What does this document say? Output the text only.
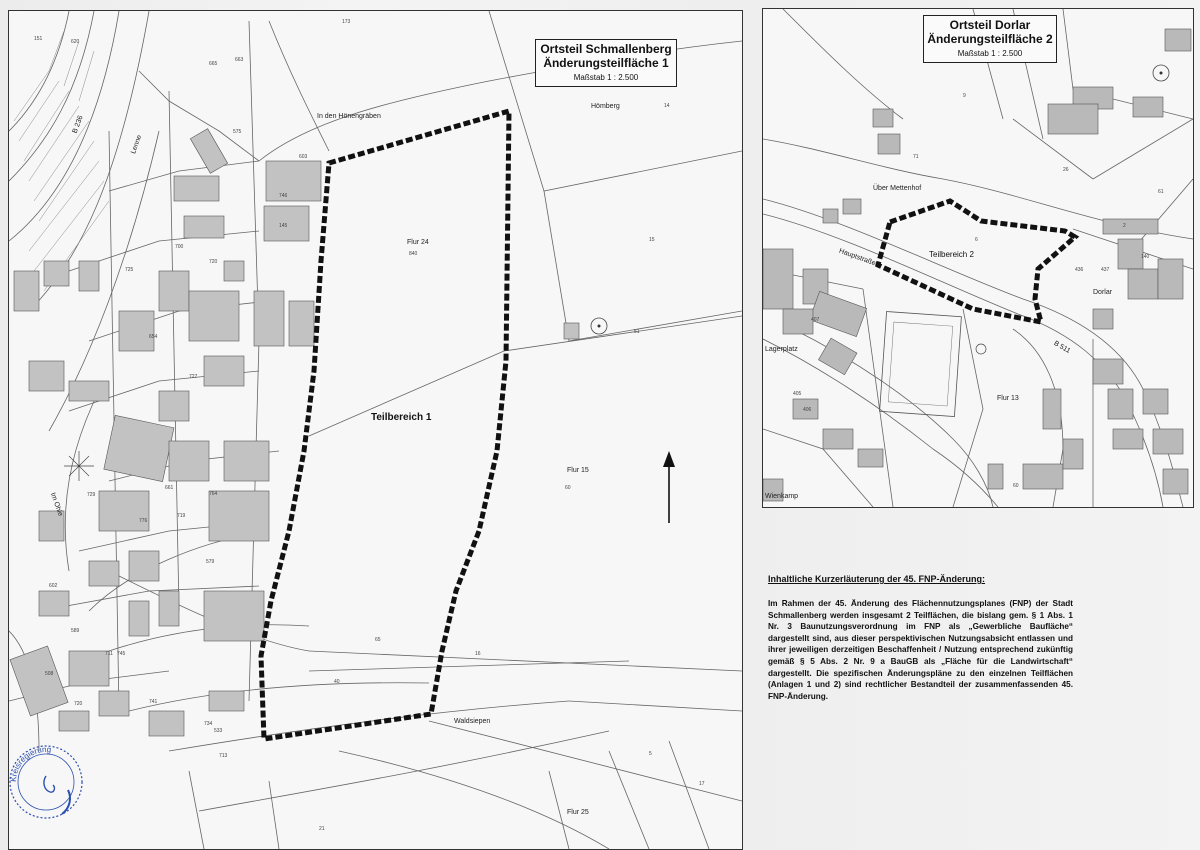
Ortsteil Schmallenberg
Änderungsteilfläche 1
Maßstab 1 : 2.500
Teilbereich 1
In den Hönengräben
Hömberg
Flur 24
Flur 15
Flur 25
Waldsiepen
Lenne
B 236
Im Ohle
173
151	620
665
663
575
603
746
145
840
700
725
720
654
727
661
776
729	764
719
602
589
579
508
711
720
734
741
533
745
713
14
60
15
16
65
40
5
51
17
21
Ortsteil Dorlar
Änderungsteilfläche 2
Maßstab 1 : 2.500
Teilbereich 2
Über Mettenhof
Dorlar
Lagerplatz
Flur 13
Wienkamp
Hauptstraße
B 511
9
26
71
61
6
436	437
2
140
407
60
405
406
Inhaltliche Kurzerläuterung der 45. FNP-Änderung:

Im Rahmen der 45. Änderung des Flächennutzungsplanes (FNP) der Stadt Schmallenberg werden insgesamt 2 Teilflächen, die bislang gem. § 1 Abs. 1 Nr. 3 Baunutzungsverordnung im FNP als „Gewerbliche Baufläche“ dargestellt sind, aus dieser perspektivischen Nutzungsabsicht entlassen und ihrer jeweiligen derzeitigen Beschaffenheit / Nutzung entsprechend zukünftig gemäß § 5 Abs. 2 Nr. 9 a BauGB als „Fläche für die Landwirtschaft“ dargestellt. Die spezifischen Änderungspläne zu den einzelnen Teilflächen (Anlagen 1 und 2) sind rechtlicher Bestandteil der zusammenfassenden 45. FNP-Änderung.

Kreisregierung
